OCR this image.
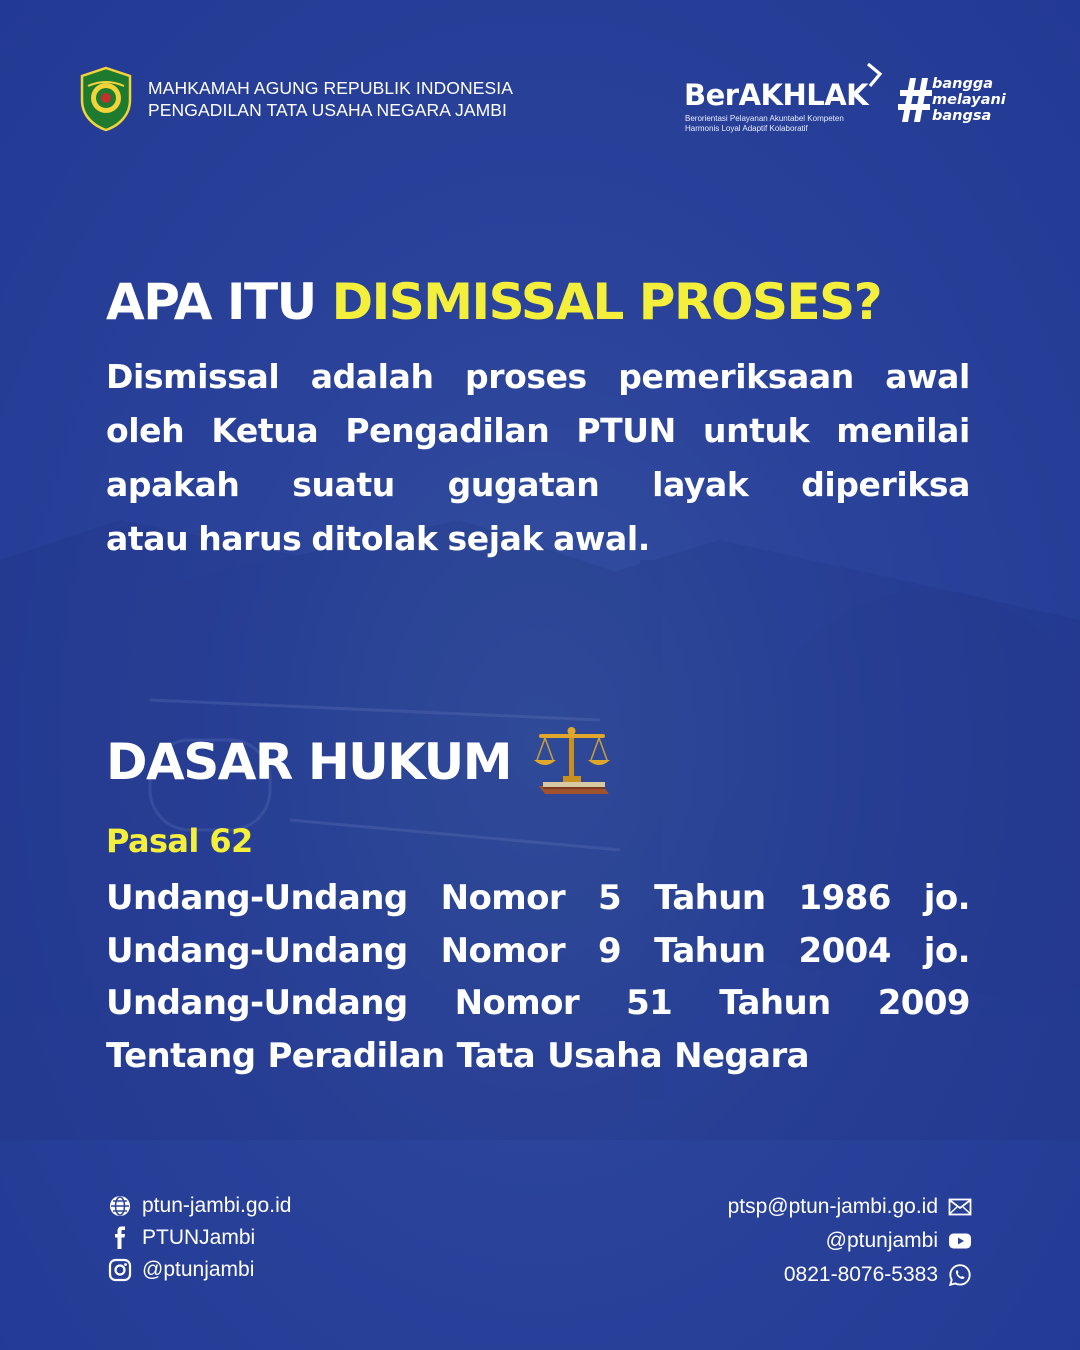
MAHKAMAH AGUNG REPUBLIK INDONESIA
PENGADILAN TATA USAHA NEGARA JAMBI	BerAKHLAK
Berorientasi Pelayanan Akuntabel Kompeten
Harmonis Loyal Adaptif Kolaboratif
bangga
melayani
bangsa
APA ITU DISMISSAL PROSES?
Dismissal adalah proses pemeriksaan awal
oleh Ketua Pengadilan PTUN untuk menilai
apakah suatu gugatan layak diperiksa
atau harus ditolak sejak awal.
DASAR HUKUM
Pasal 62
Undang-Undang Nomor 5 Tahun 1986 jo.
Undang-Undang Nomor 9 Tahun 2004 jo.
Undang-Undang Nomor 51 Tahun 2009
Tentang Peradilan Tata Usaha Negara
ptun-jambi.go.id
PTUNJambi
@ptunjambi
ptsp@ptun-jambi.go.id
@ptunjambi
0821-8076-5383
